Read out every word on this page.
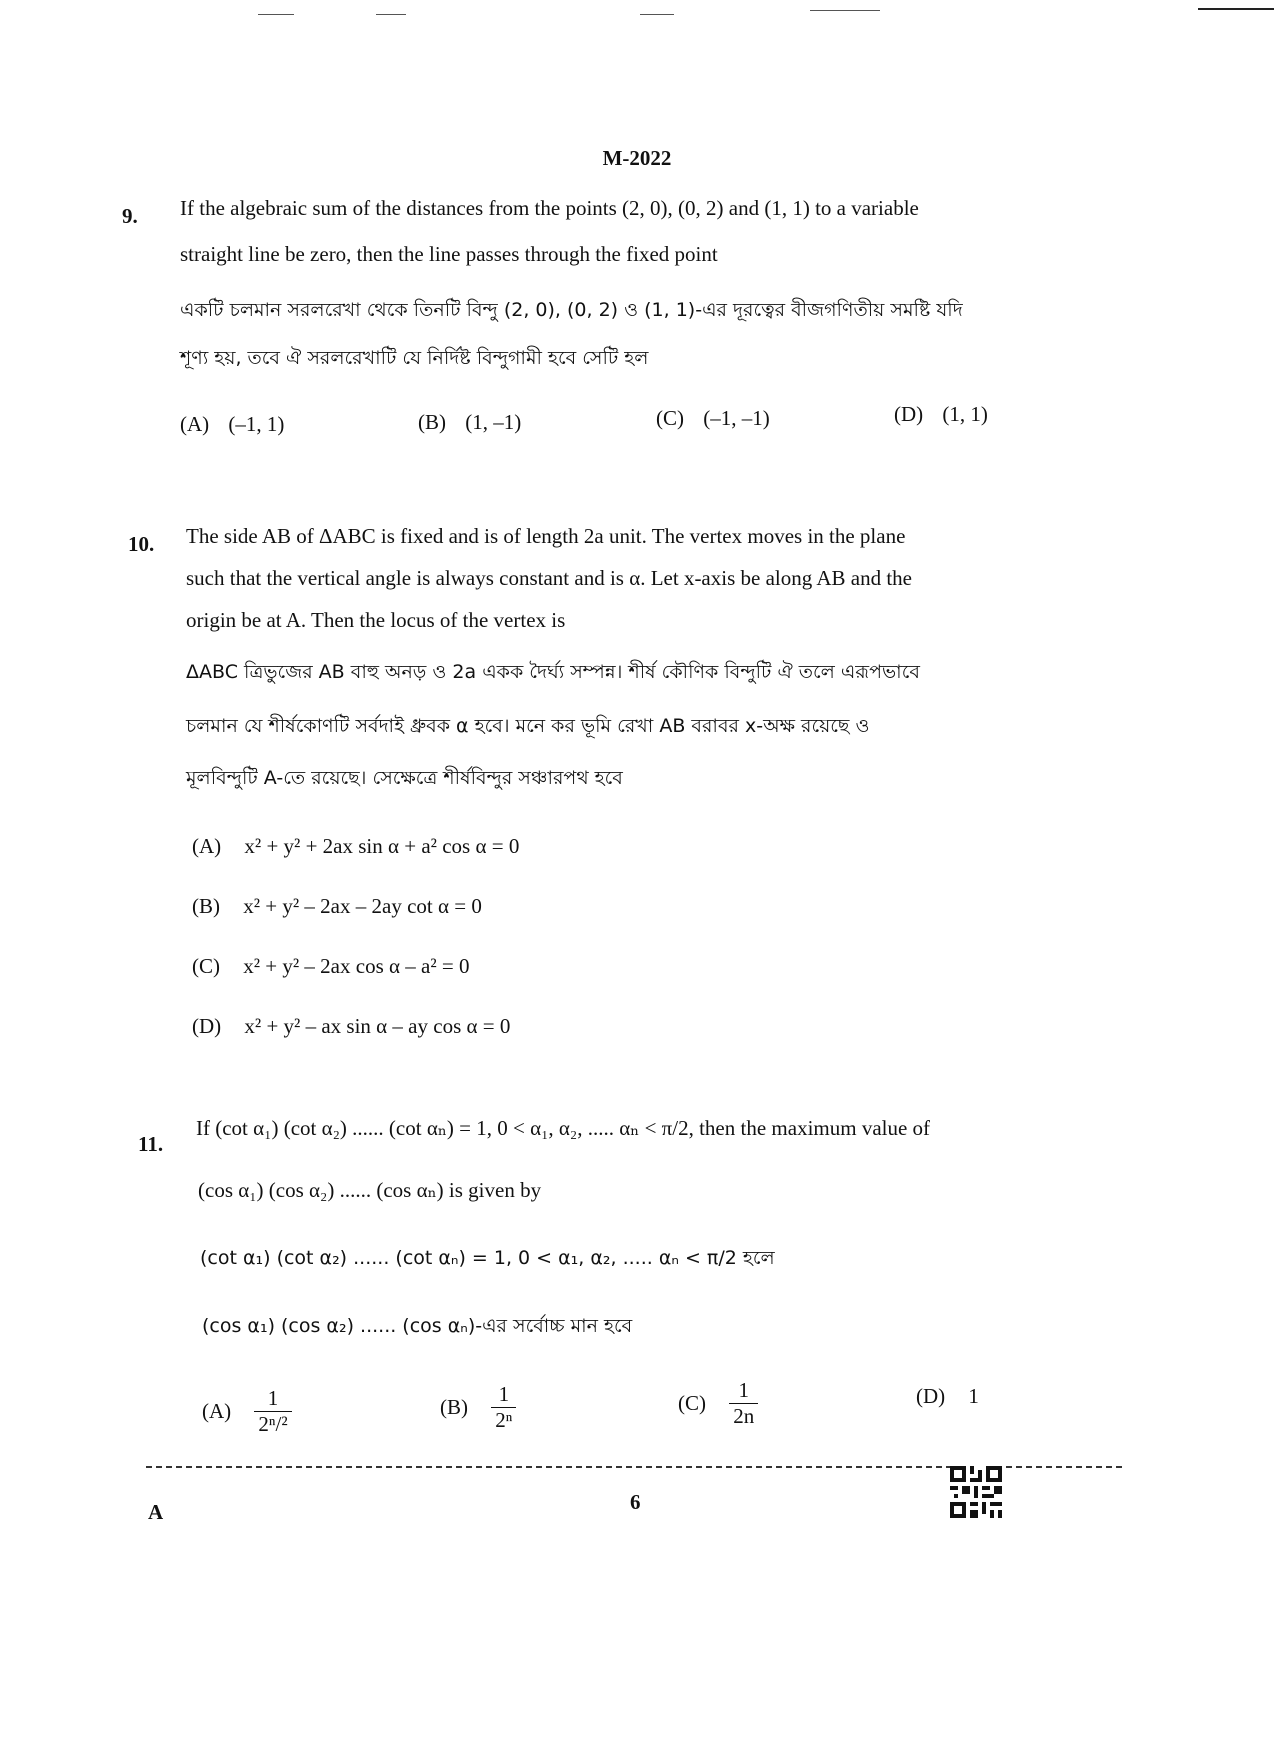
M-2022
9. If the algebraic sum of the distances from the points (2, 0), (0, 2) and (1, 1) to a variable
straight line be zero, then the line passes through the fixed point
একটি চলমান সরলরেখা থেকে তিনটি বিন্দু (2, 0), (0, 2) ও (1, 1)-এর দূরত্বের বীজগণিতীয় সমষ্টি যদি
শূণ্য হয়, তবে ঐ সরলরেখাটি যে নির্দিষ্ট বিন্দুগামী হবে সেটি হল
(A) (–1, 1)	(B) (1, –1)	(C) (–1, –1)	(D) (1, 1)
10. The side AB of ΔABC is fixed and is of length 2a unit. The vertex moves in the plane
such that the vertical angle is always constant and is α. Let x-axis be along AB and the
origin be at A. Then the locus of the vertex is
ΔABC ত্রিভুজের AB বাহু অনড় ও 2a একক দৈর্ঘ্য সম্পন্ন। শীর্ষ কৌণিক বিন্দুটি ঐ তলে এরূপভাবে
চলমান যে শীর্ষকোণটি সর্বদাই ধ্রুবক α হবে। মনে কর ভূমি রেখা AB বরাবর x-অক্ষ রয়েছে ও
মূলবিন্দুটি A-তে রয়েছে। সেক্ষেত্রে শীর্ষবিন্দুর সঞ্চারপথ হবে
(A) x² + y² + 2ax sin α + a² cos α = 0
(B) x² + y² – 2ax – 2ay cot α = 0
(C) x² + y² – 2ax cos α – a² = 0
(D) x² + y² – ax sin α – ay cos α = 0
11.
If (cot α₁) (cot α₂) ...... (cot αₙ) = 1, 0 < α₁, α₂, ..... αₙ < π/2, then the maximum value of
(cos α₁) (cos α₂) ...... (cos αₙ) is given by
(cot α₁) (cot α₂) ...... (cot αₙ) = 1, 0 < α₁, α₂, ..... αₙ < π/2 হলে
(cos α₁) (cos α₂) ...... (cos αₙ)-এর সর্বোচ্চ মান হবে
$(A) \frac{1}{\text{2ⁿ/²}}$	$(B) \frac{1}{\text{2ⁿ}}$	$(C) \frac{1}{2n}$	(D) 1
A	6
